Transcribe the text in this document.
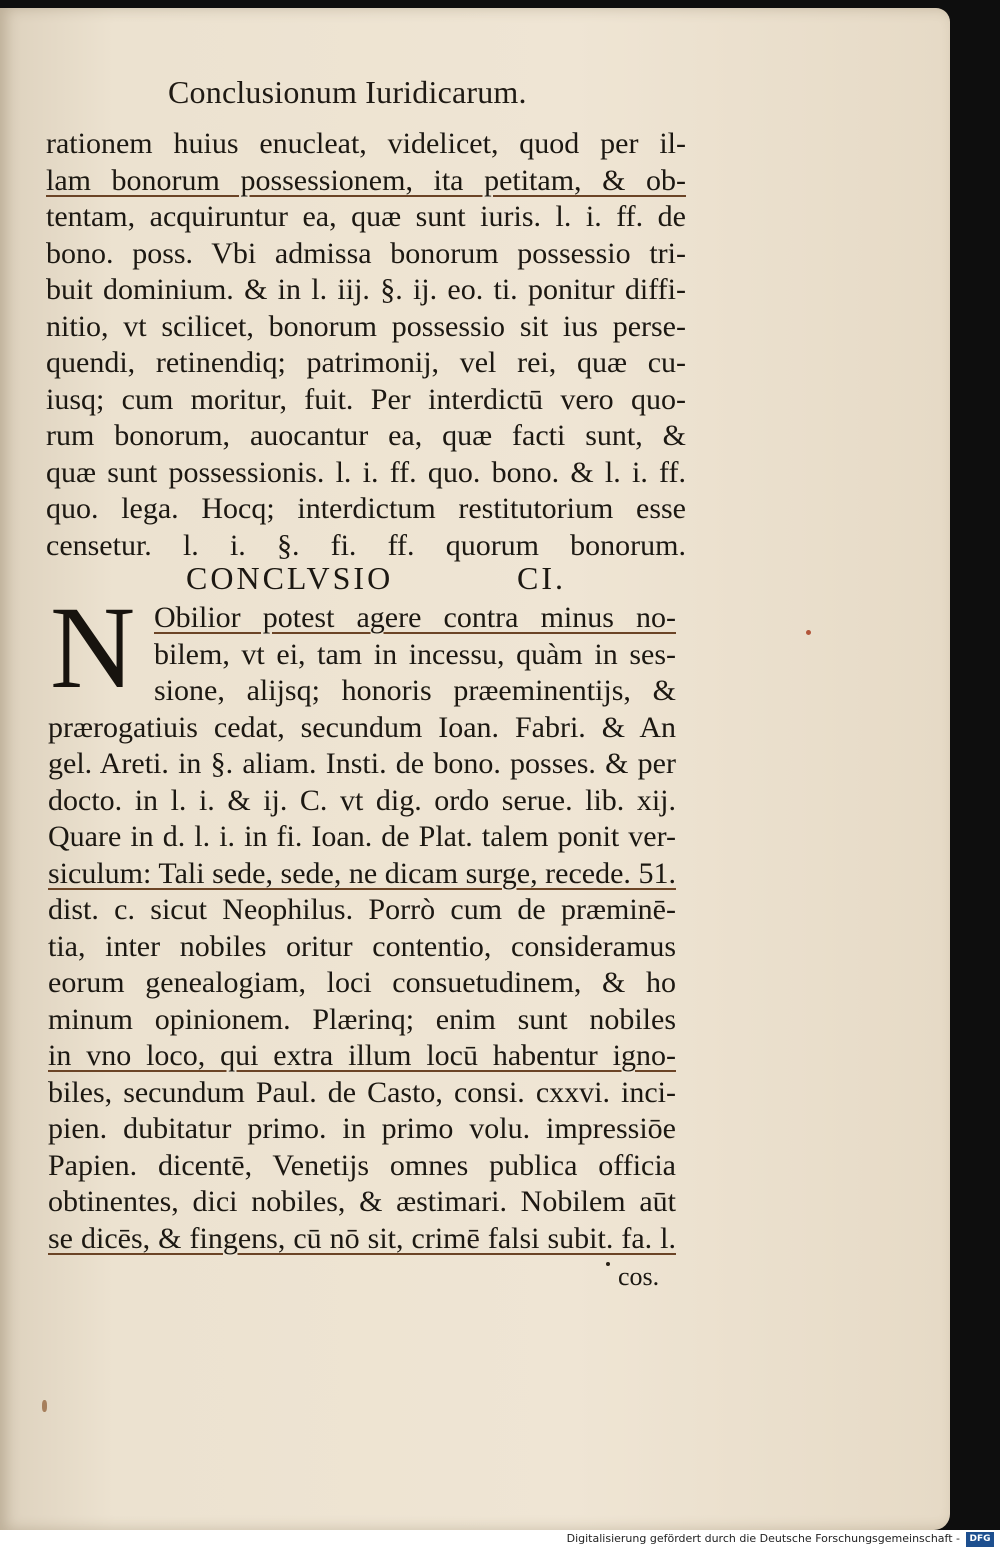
Conclusionum Iuridicarum.
rationem huius enucleat, videlicet, quod per il-
lam bonorum possessionem, ita petitam, & ob-
tentam, acquiruntur ea, quæ sunt iuris. l. i. ff. de
bono. poss. Vbi admissa bonorum possessio tri-
buit dominium. & in l. iij. §. ij. eo. ti. ponitur diffi-
nitio, vt scilicet, bonorum possessio sit ius perse-
quendi, retinendiq; patrimonij, vel rei, quæ cu-
iusq; cum moritur, fuit. Per interdictū vero quo-
rum bonorum, auocantur ea, quæ facti sunt, &
quæ sunt possessionis. l. i. ff. quo. bono. & l. i. ff.
quo. lega. Hocq; interdictum restitutorium esse
censetur. l. i. §. fi. ff. quorum bonorum.
CONCLVSIO	CI.
N Obilior potest agere contra minus no-
bilem, vt ei, tam in incessu, quàm in ses-
sione, alijsq; honoris præeminentijs, &
prærogatiuis cedat, secundum Ioan. Fabri. & An
gel. Areti. in §. aliam. Insti. de bono. posses. & per
docto. in l. i. & ij. C. vt dig. ordo serue. lib. xij.
Quare in d. l. i. in fi. Ioan. de Plat. talem ponit ver-
siculum: Tali sede, sede, ne dicam surge, recede. 51.
dist. c. sicut Neophilus. Porrò cum de præminē-
tia, inter nobiles oritur contentio, consideramus
eorum genealogiam, loci consuetudinem, & ho
minum opinionem. Plærinq; enim sunt nobiles
in vno loco, qui extra illum locū habentur igno-
biles, secundum Paul. de Casto, consi. cxxvi. inci-
pien. dubitatur primo. in primo volu. impressiōe
Papien. dicentē, Venetijs omnes publica officia
obtinentes, dici nobiles, & æstimari. Nobilem aūt
se dicēs, & fingens, cū nō sit, crimē falsi subit. fa. l.
cos.
Digitalisierung gefördert durch die Deutsche Forschungsgemeinschaft -	DFG
